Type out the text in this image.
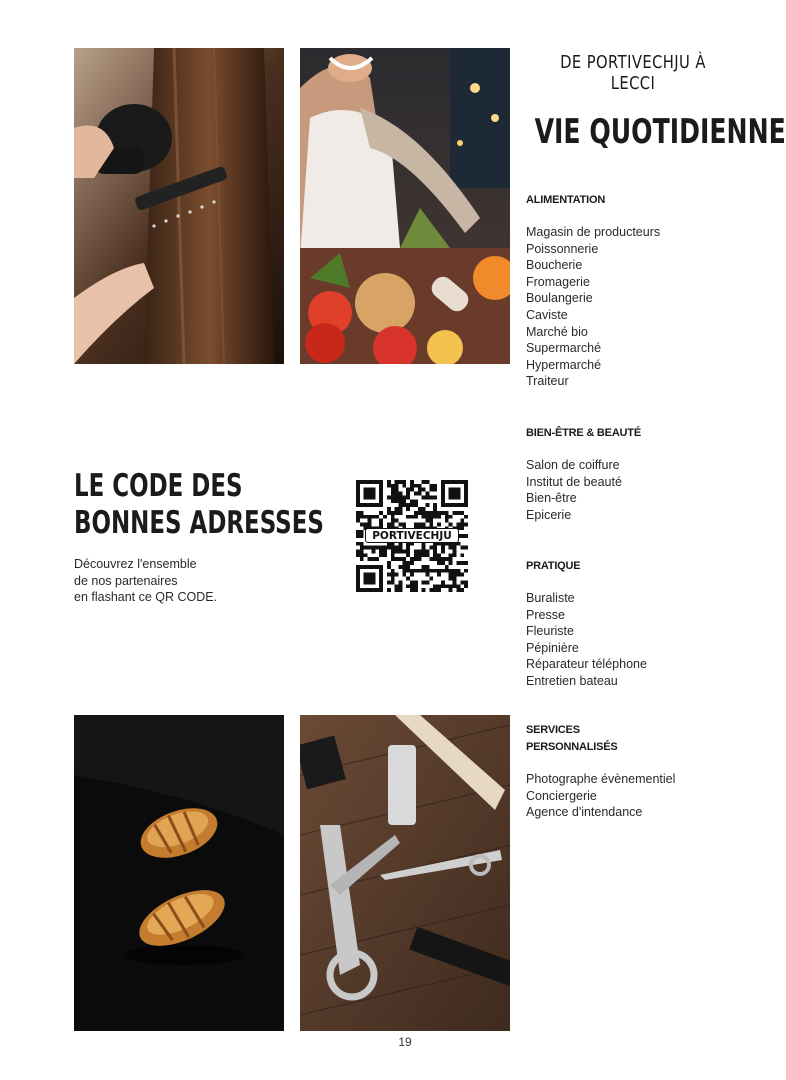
DE PORTIVECHJU À LECCI
VIE QUOTIDIENNE
ALIMENTATION
Magasin de producteurs
Poissonnerie
Boucherie
Fromagerie
Boulangerie
Caviste
Marché bio
Supermarché
Hypermarché
Traiteur
BIEN-ÊTRE & BEAUTÉ
Salon de coiffure
Institut de beauté
Bien-être
Epicerie
PRATIQUE
Buraliste
Presse
Fleuriste
Pépinière
Réparateur téléphone
Entretien bateau
SERVICES
PERSONNALISÉS
Photographe évènementiel
Conciergerie
Agence d'intendance
LE CODE DES
BONNES ADRESSES
Découvrez l'ensemble
de nos partenaires
en flashant ce QR CODE.
PORTIVECHJU
19
